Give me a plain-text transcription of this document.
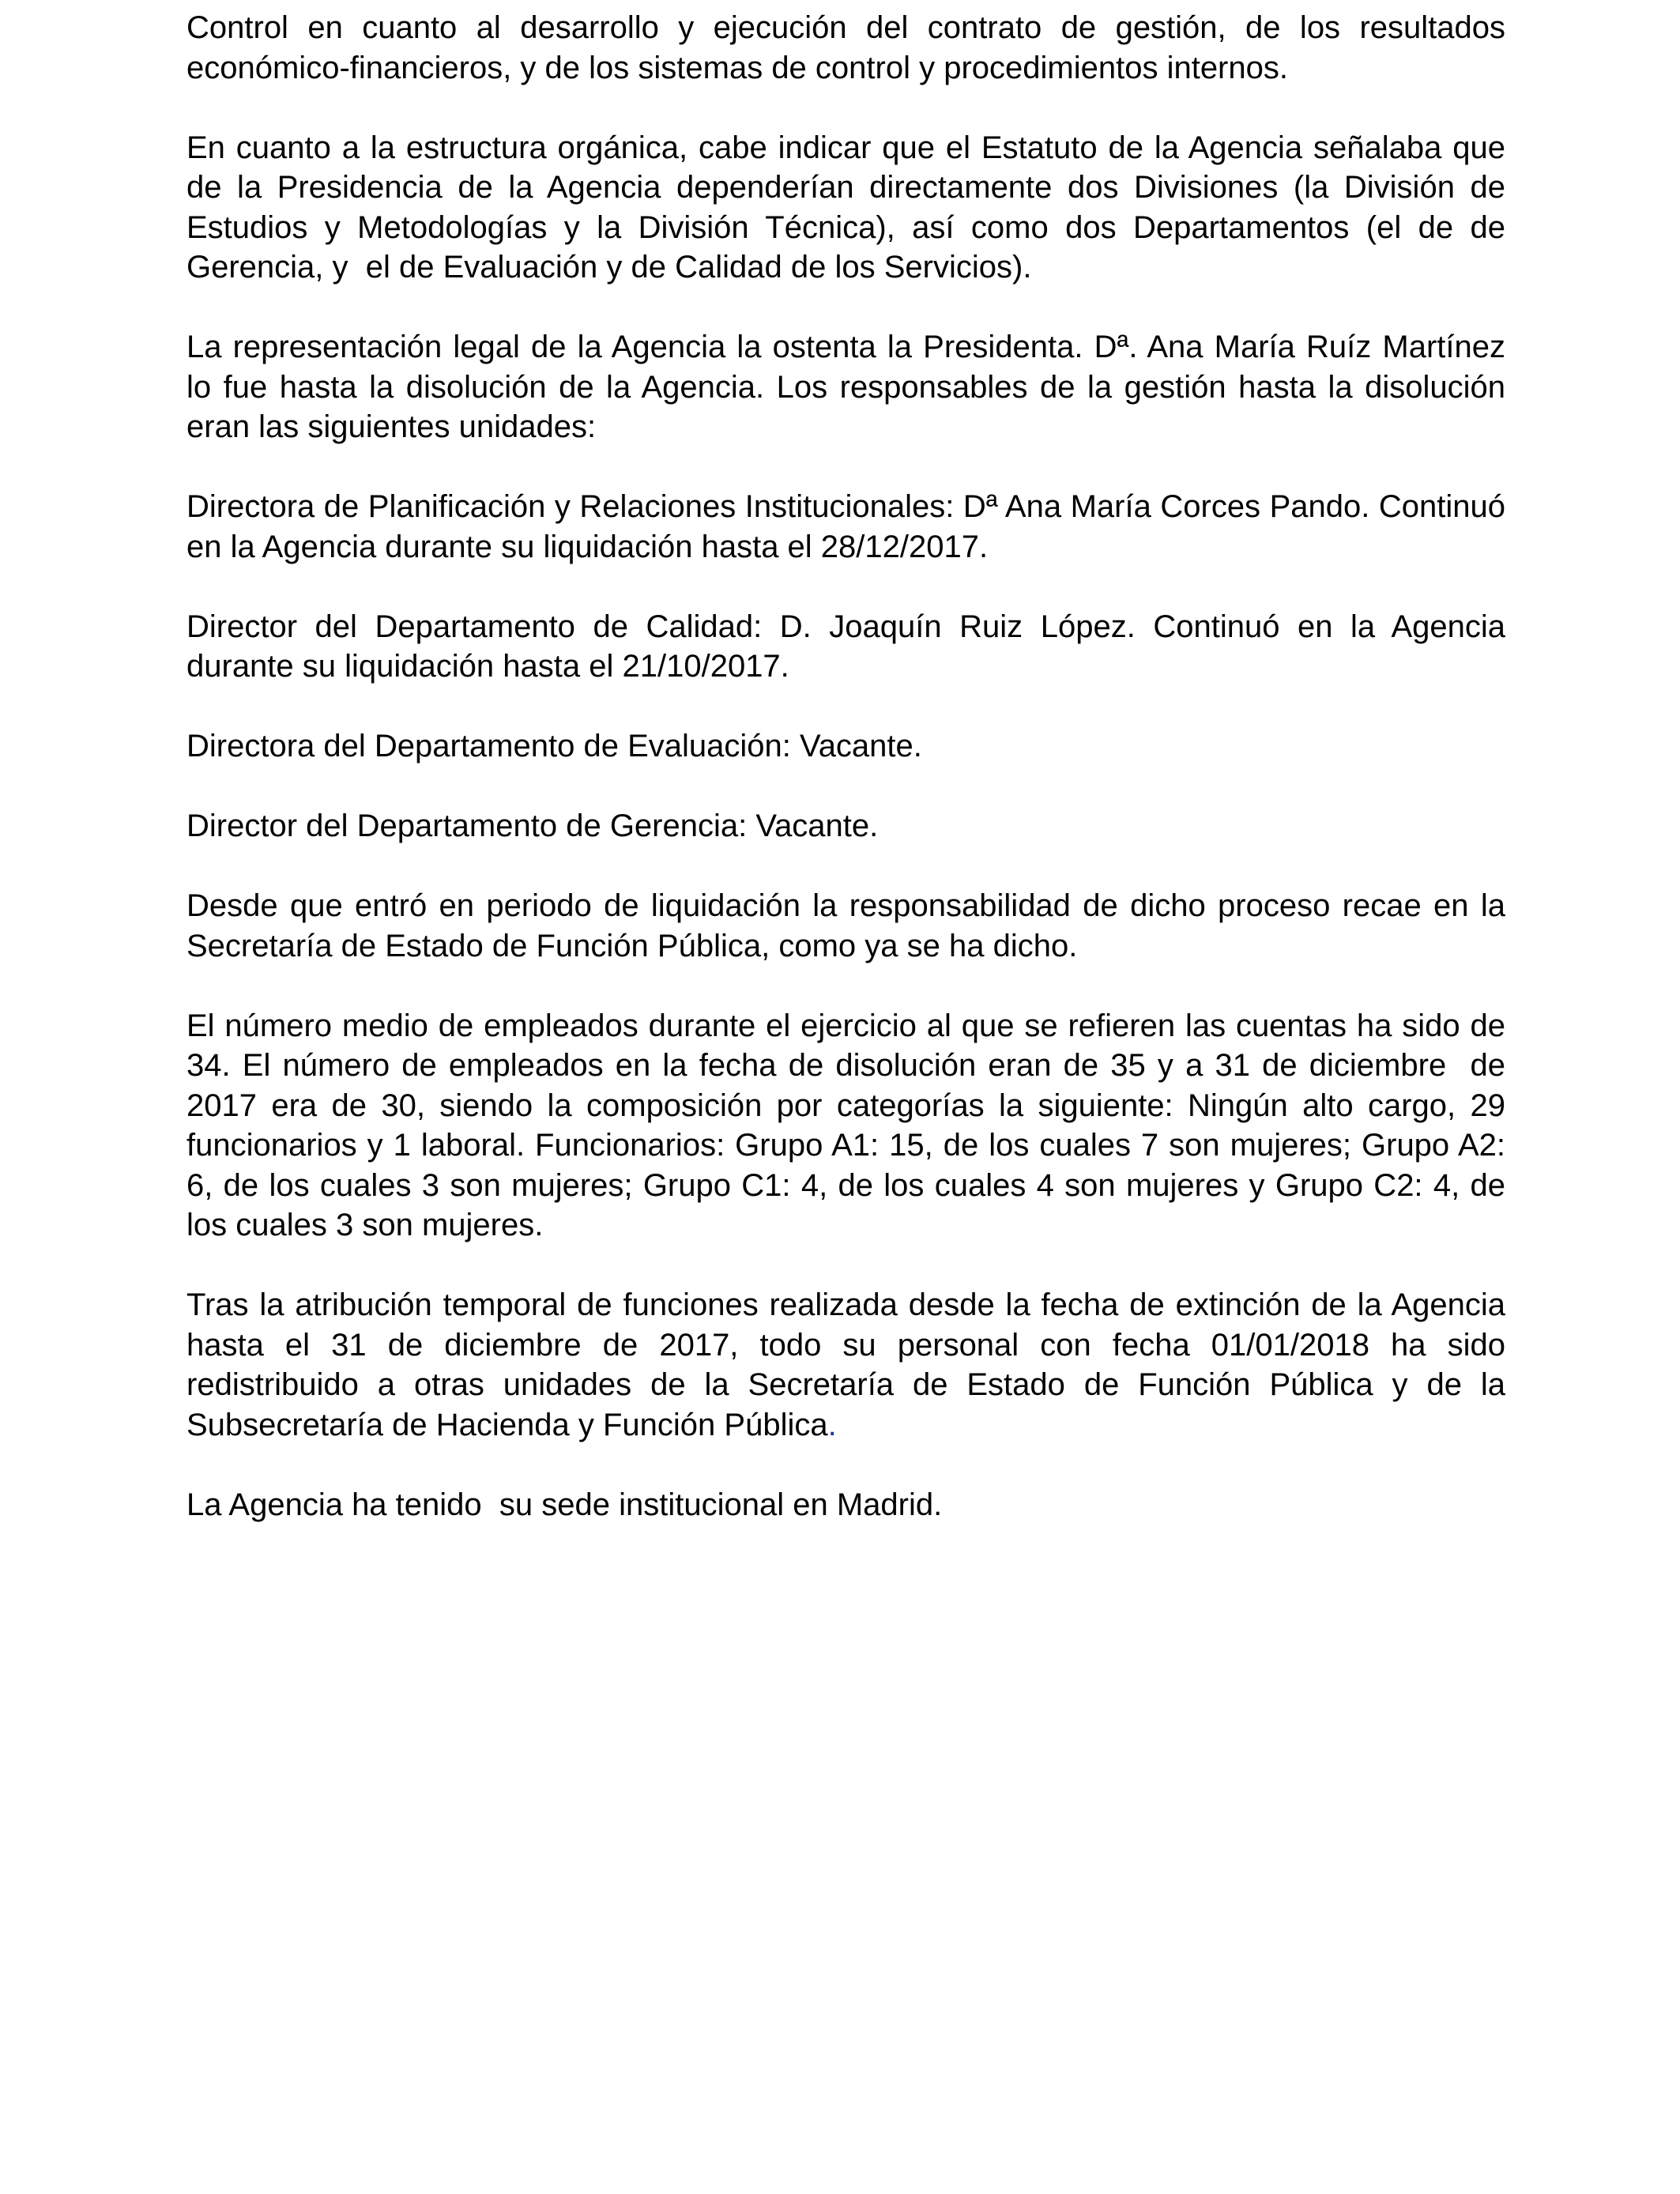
Control en cuanto al desarrollo y ejecución del contrato de gestión, de los resultados económico-financieros, y de los sistemas de control y procedimientos internos.

En cuanto a la estructura orgánica, cabe indicar que el Estatuto de la Agencia señalaba que de la Presidencia de la Agencia dependerían directamente dos Divisiones (la División de Estudios y Metodologías y la División Técnica), así como dos Departamentos (el de de Gerencia, y  el de Evaluación y de Calidad de los Servicios).

La representación legal de la Agencia la ostenta la Presidenta. Dª. Ana María Ruíz Martínez lo fue hasta la disolución de la Agencia. Los responsables de la gestión hasta la disolución eran las siguientes unidades:

Directora de Planificación y Relaciones Institucionales: Dª Ana María Corces Pando. Continuó en la Agencia durante su liquidación hasta el 28/12/2017.

Director del Departamento de Calidad: D. Joaquín Ruiz López. Continuó en la Agencia durante su liquidación hasta el 21/10/2017.

Directora del Departamento de Evaluación: Vacante.

Director del Departamento de Gerencia: Vacante.

Desde que entró en periodo de liquidación la responsabilidad de dicho proceso recae en la Secretaría de Estado de Función Pública, como ya se ha dicho.

El número medio de empleados durante el ejercicio al que se refieren las cuentas ha sido de 34. El número de empleados en la fecha de disolución eran de 35 y a 31 de diciembre  de 2017 era de 30, siendo la composición por categorías la siguiente: Ningún alto cargo, 29 funcionarios y 1 laboral. Funcionarios: Grupo A1: 15, de los cuales 7 son mujeres; Grupo A2: 6, de los cuales 3 son mujeres; Grupo C1: 4, de los cuales 4 son mujeres y Grupo C2: 4, de los cuales 3 son mujeres.

Tras la atribución temporal de funciones realizada desde la fecha de extinción de la Agencia hasta el 31 de diciembre de 2017, todo su personal con fecha 01/01/2018 ha sido redistribuido a otras unidades de la Secretaría de Estado de Función Pública y de la Subsecretaría de Hacienda y Función Pública.

La Agencia ha tenido  su sede institucional en Madrid.
